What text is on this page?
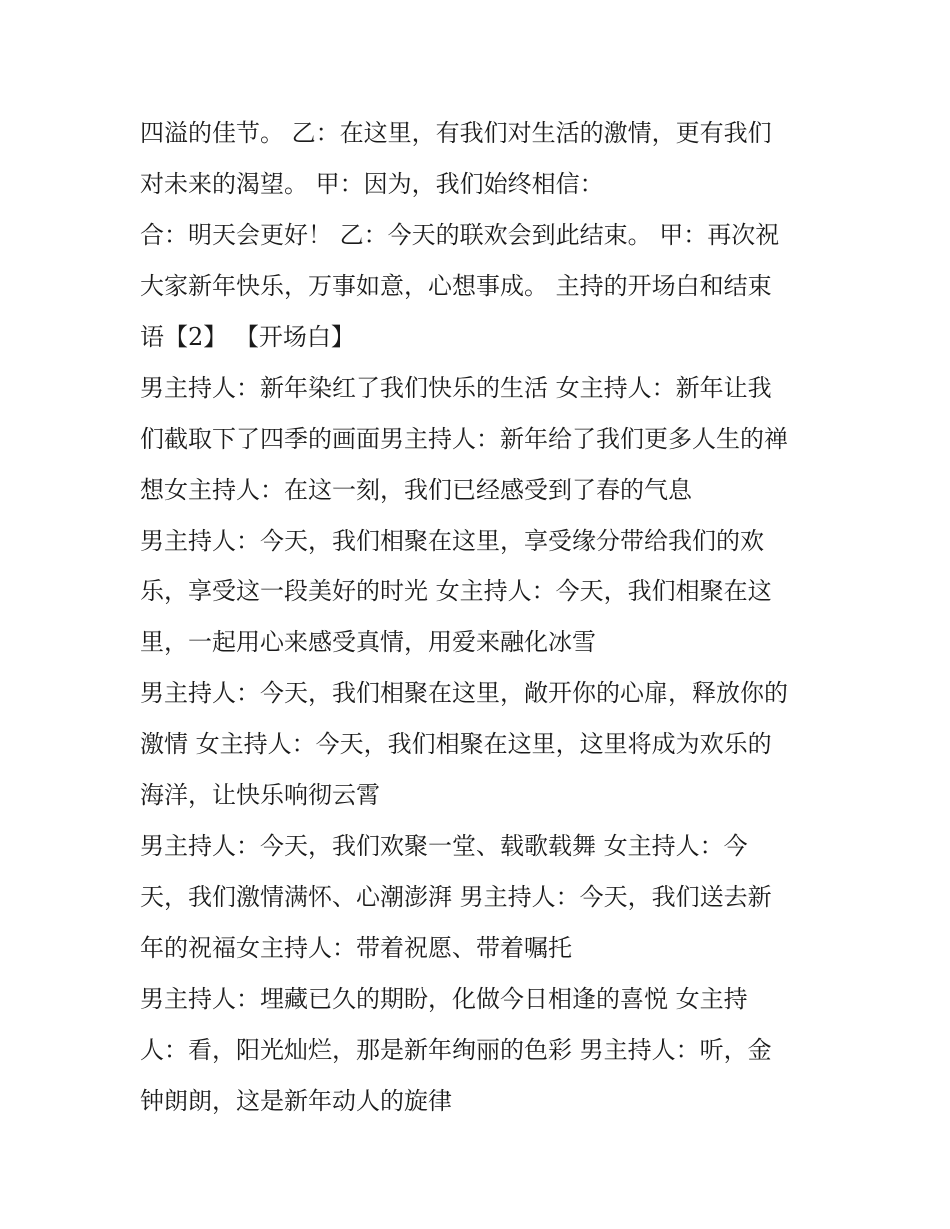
四溢的佳节。 乙：在这里，有我们对生活的激情，更有我们
对未来的渴望。 甲：因为，我们始终相信：
合：明天会更好！ 乙：今天的联欢会到此结束。 甲：再次祝
大家新年快乐，万事如意，心想事成。 主持的开场白和结束
语【2】 【开场白】
男主持人：新年染红了我们快乐的生活 女主持人：新年让我
们截取下了四季的画面男主持人：新年给了我们更多人生的禅
想女主持人：在这一刻，我们已经感受到了春的气息
男主持人：今天，我们相聚在这里，享受缘分带给我们的欢
乐，享受这一段美好的时光 女主持人：今天，我们相聚在这
里，一起用心来感受真情，用爱来融化冰雪
男主持人：今天，我们相聚在这里，敞开你的心扉，释放你的
激情 女主持人：今天，我们相聚在这里，这里将成为欢乐的
海洋，让快乐响彻云霄
男主持人：今天，我们欢聚一堂、载歌载舞 女主持人：今
天，我们激情满怀、心潮澎湃 男主持人：今天，我们送去新
年的祝福女主持人：带着祝愿、带着嘱托
男主持人：埋藏已久的期盼，化做今日相逢的喜悦 女主持
人：看，阳光灿烂，那是新年绚丽的色彩 男主持人：听，金
钟朗朗，这是新年动人的旋律
